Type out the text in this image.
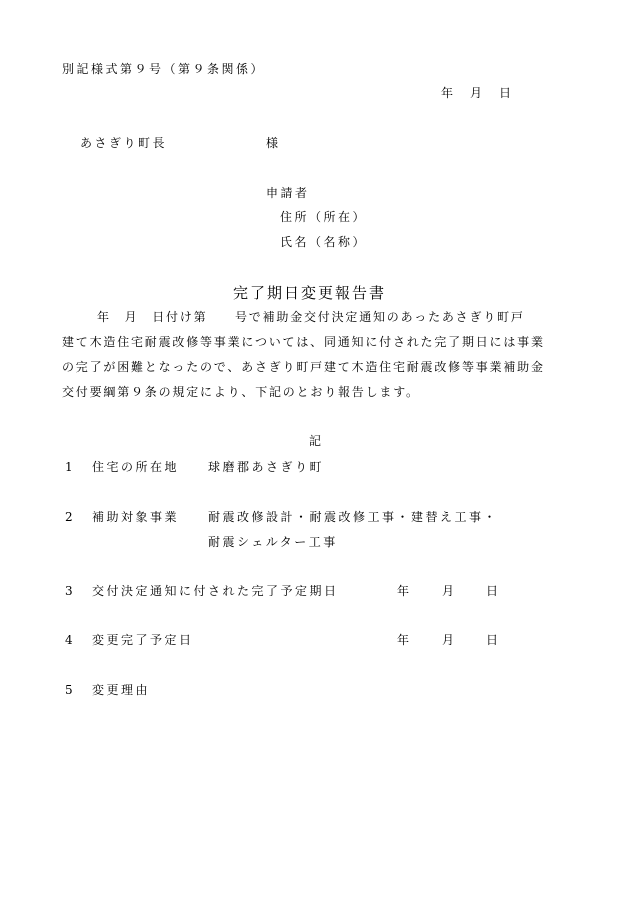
別記様式第９号（第９条関係）
年　月　日
あさぎり町長	様
申請者
住所（所在）
氏名（名称）
完了期日変更報告書
年　月　日付け第　　号で補助金交付決定通知のあったあさぎり町戸
建て木造住宅耐震改修等事業については、同通知に付された完了期日には事業
の完了が困難となったので、あさぎり町戸建て木造住宅耐震改修等事業補助金
交付要綱第９条の規定により、下記のとおり報告します。
記
1 住宅の所在地 球磨郡あさぎり町
2 補助対象事業 耐震改修設計・耐震改修工事・建替え工事・
耐震シェルター工事
3 交付決定通知に付された完了予定期日	年	月 日
4 変更完了予定日	年	月 日
5 変更理由
